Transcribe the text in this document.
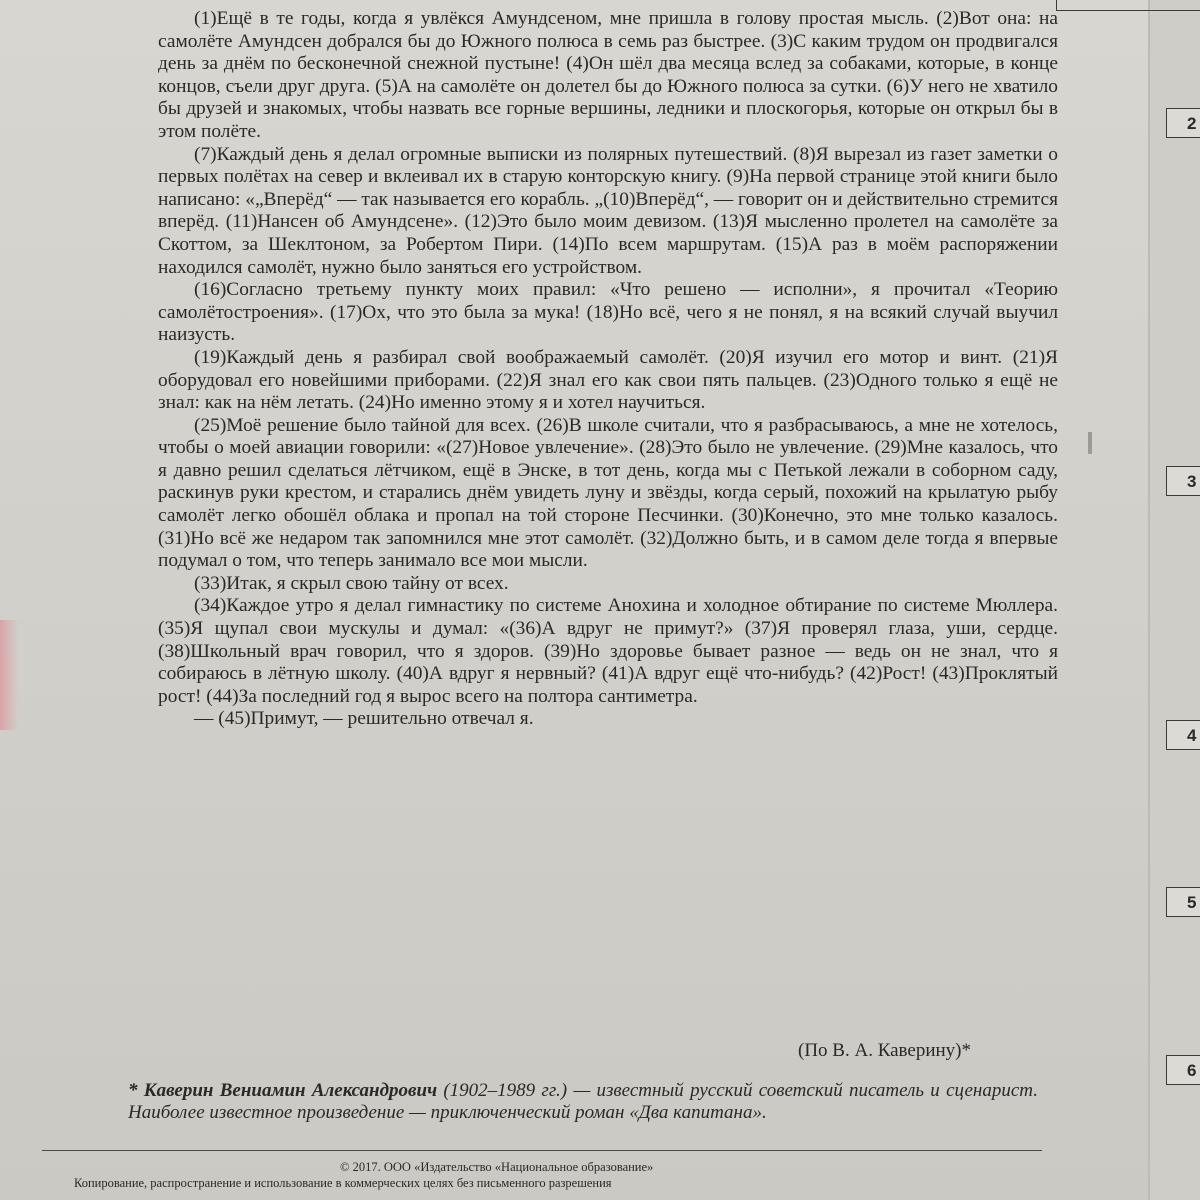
(1)Ещё в те годы, когда я увлёкся Амундсеном, мне пришла в голову простая мысль. (2)Вот она: на самолёте Амундсен добрался бы до Южного полюса в семь раз быстрее. (3)С каким трудом он продвигался день за днём по бесконечной снежной пустыне! (4)Он шёл два месяца вслед за собаками, которые, в конце концов, съели друг друга. (5)А на самолёте он долетел бы до Южного полюса за сутки. (6)У него не хватило бы друзей и знакомых, чтобы назвать все горные вершины, ледники и плоскогорья, которые он открыл бы в этом полёте.

(7)Каждый день я делал огромные выписки из полярных путешествий. (8)Я вырезал из газет заметки о первых полётах на север и вклеивал их в старую конторскую книгу. (9)На первой странице этой книги было написано: «„Вперёд“ — так называется его корабль. „(10)Вперёд“, — говорит он и действительно стремится вперёд. (11)Нансен об Амундсене». (12)Это было моим девизом. (13)Я мысленно пролетел на самолёте за Скоттом, за Шеклтоном, за Робертом Пири. (14)По всем маршрутам. (15)А раз в моём распоряжении находился самолёт, нужно было заняться его устройством.

(16)Согласно третьему пункту моих правил: «Что решено — исполни», я прочитал «Теорию самолётостроения». (17)Ох, что это была за мука! (18)Но всё, чего я не понял, я на всякий случай выучил наизусть.

(19)Каждый день я разбирал свой воображаемый самолёт. (20)Я изучил его мотор и винт. (21)Я оборудовал его новейшими приборами. (22)Я знал его как свои пять пальцев. (23)Одного только я ещё не знал: как на нём летать. (24)Но именно этому я и хотел научиться.

(25)Моё решение было тайной для всех. (26)В школе считали, что я разбрасываюсь, а мне не хотелось, чтобы о моей авиации говорили: «(27)Новое увлечение». (28)Это было не увлечение. (29)Мне казалось, что я давно решил сделаться лётчиком, ещё в Энске, в тот день, когда мы с Петькой лежали в соборном саду, раскинув руки крестом, и старались днём увидеть луну и звёзды, когда серый, похожий на крылатую рыбу самолёт легко обошёл облака и пропал на той стороне Песчинки. (30)Конечно, это мне только казалось. (31)Но всё же недаром так запомнился мне этот самолёт. (32)Должно быть, и в самом деле тогда я впервые подумал о том, что теперь занимало все мои мысли.

(33)Итак, я скрыл свою тайну от всех.

(34)Каждое утро я делал гимнастику по системе Анохина и холодное обтирание по системе Мюллера. (35)Я щупал свои мускулы и думал: «(36)А вдруг не примут?» (37)Я проверял глаза, уши, сердце. (38)Школьный врач говорил, что я здоров. (39)Но здоровье бывает разное — ведь он не знал, что я собираюсь в лётную школу. (40)А вдруг я нервный? (41)А вдруг ещё что-нибудь? (42)Рост! (43)Проклятый рост! (44)За последний год я вырос всего на полтора сантиметра.

— (45)Примут, — решительно отвечал я.

(По В. А. Каверину)*
* Каверин Вениамин Александрович (1902–1989 гг.) — известный русский советский писатель и сценарист. Наиболее известное произведение — приключенческий роман «Два капитана».
© 2017. ООО «Издательство «Национальное образование»
Копирование, распространение и использование в коммерческих целях без письменного разрешения
2
3
4
5
6
